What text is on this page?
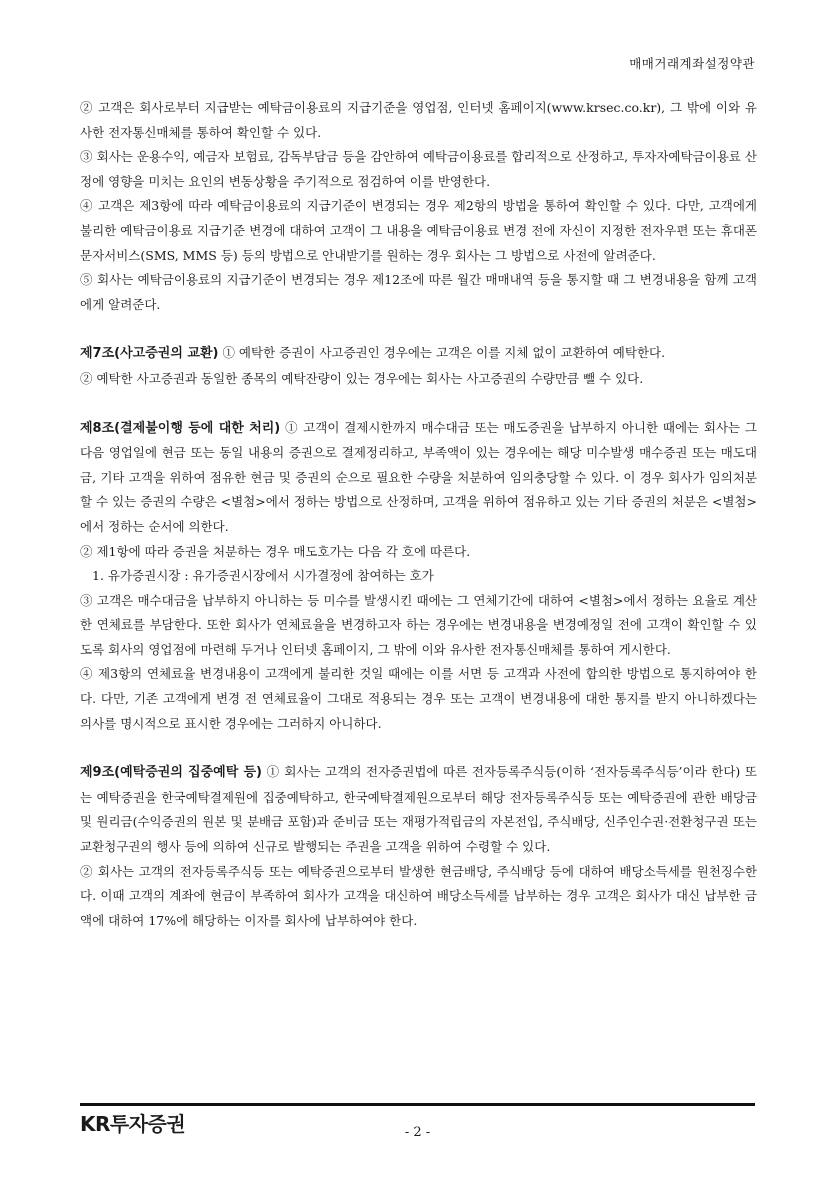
매매거래계좌설정약관

② 고객은 회사로부터 지급받는 예탁금이용료의 지급기준을 영업점, 인터넷 홈페이지(www.krsec.co.kr), 그 밖에 이와 유사한 전자통신매체를 통하여 확인할 수 있다.

③ 회사는 운용수익, 예금자 보험료, 감독부담금 등을 감안하여 예탁금이용료를 합리적으로 산정하고, 투자자예탁금이용료 산정에 영향을 미치는 요인의 변동상황을 주기적으로 점검하여 이를 반영한다.

④ 고객은 제3항에 따라 예탁금이용료의 지급기준이 변경되는 경우 제2항의 방법을 통하여 확인할 수 있다. 다만, 고객에게 불리한 예탁금이용료 지급기준 변경에 대하여 고객이 그 내용을 예탁금이용료 변경 전에 자신이 지정한 전자우편 또는 휴대폰 문자서비스(SMS, MMS 등) 등의 방법으로 안내받기를 원하는 경우 회사는 그 방법으로 사전에 알려준다.

⑤ 회사는 예탁금이용료의 지급기준이 변경되는 경우 제12조에 따른 월간 매매내역 등을 통지할 때 그 변경내용을 함께 고객에게 알려준다.

제7조(사고증권의 교환) ① 예탁한 증권이 사고증권인 경우에는 고객은 이를 지체 없이 교환하여 예탁한다.

② 예탁한 사고증권과 동일한 종목의 예탁잔량이 있는 경우에는 회사는 사고증권의 수량만큼 뺄 수 있다.

제8조(결제불이행 등에 대한 처리) ① 고객이 결제시한까지 매수대금 또는 매도증권을 납부하지 아니한 때에는 회사는 그 다음 영업일에 현금 또는 동일 내용의 증권으로 결제정리하고, 부족액이 있는 경우에는 해당 미수발생 매수증권 또는 매도대금, 기타 고객을 위하여 점유한 현금 및 증권의 순으로 필요한 수량을 처분하여 임의충당할 수 있다. 이 경우 회사가 임의처분할 수 있는 증권의 수량은 <별첨>에서 정하는 방법으로 산정하며, 고객을 위하여 점유하고 있는 기타 증권의 처분은 <별첨>에서 정하는 순서에 의한다.

② 제1항에 따라 증권을 처분하는 경우 매도호가는 다음 각 호에 따른다.

1. 유가증권시장 : 유가증권시장에서 시가결정에 참여하는 호가

③ 고객은 매수대금을 납부하지 아니하는 등 미수를 발생시킨 때에는 그 연체기간에 대하여 <별첨>에서 정하는 요율로 계산한 연체료를 부담한다. 또한 회사가 연체료율을 변경하고자 하는 경우에는 변경내용을 변경예정일 전에 고객이 확인할 수 있도록 회사의 영업점에 마련해 두거나 인터넷 홈페이지, 그 밖에 이와 유사한 전자통신매체를 통하여 게시한다.

④ 제3항의 연체료율 변경내용이 고객에게 불리한 것일 때에는 이를 서면 등 고객과 사전에 합의한 방법으로 통지하여야 한다. 다만, 기존 고객에게 변경 전 연체료율이 그대로 적용되는 경우 또는 고객이 변경내용에 대한 통지를 받지 아니하겠다는 의사를 명시적으로 표시한 경우에는 그러하지 아니하다.

제9조(예탁증권의 집중예탁 등) ① 회사는 고객의 전자증권법에 따른 전자등록주식등(이하 ‘전자등록주식등’이라 한다) 또는 예탁증권을 한국예탁결제원에 집중예탁하고, 한국예탁결제원으로부터 해당 전자등록주식등 또는 예탁증권에 관한 배당금 및 원리금(수익증권의 원본 및 분배금 포함)과 준비금 또는 재평가적립금의 자본전입, 주식배당, 신주인수권·전환청구권 또는 교환청구권의 행사 등에 의하여 신규로 발행되는 주권을 고객을 위하여 수령할 수 있다.

② 회사는 고객의 전자등록주식등 또는 예탁증권으로부터 발생한 현금배당, 주식배당 등에 대하여 배당소득세를 원천징수한다. 이때 고객의 계좌에 현금이 부족하여 회사가 고객을 대신하여 배당소득세를 납부하는 경우 고객은 회사가 대신 납부한 금액에 대하여 17%에 해당하는 이자를 회사에 납부하여야 한다.

KR투자증권	- 2 -
